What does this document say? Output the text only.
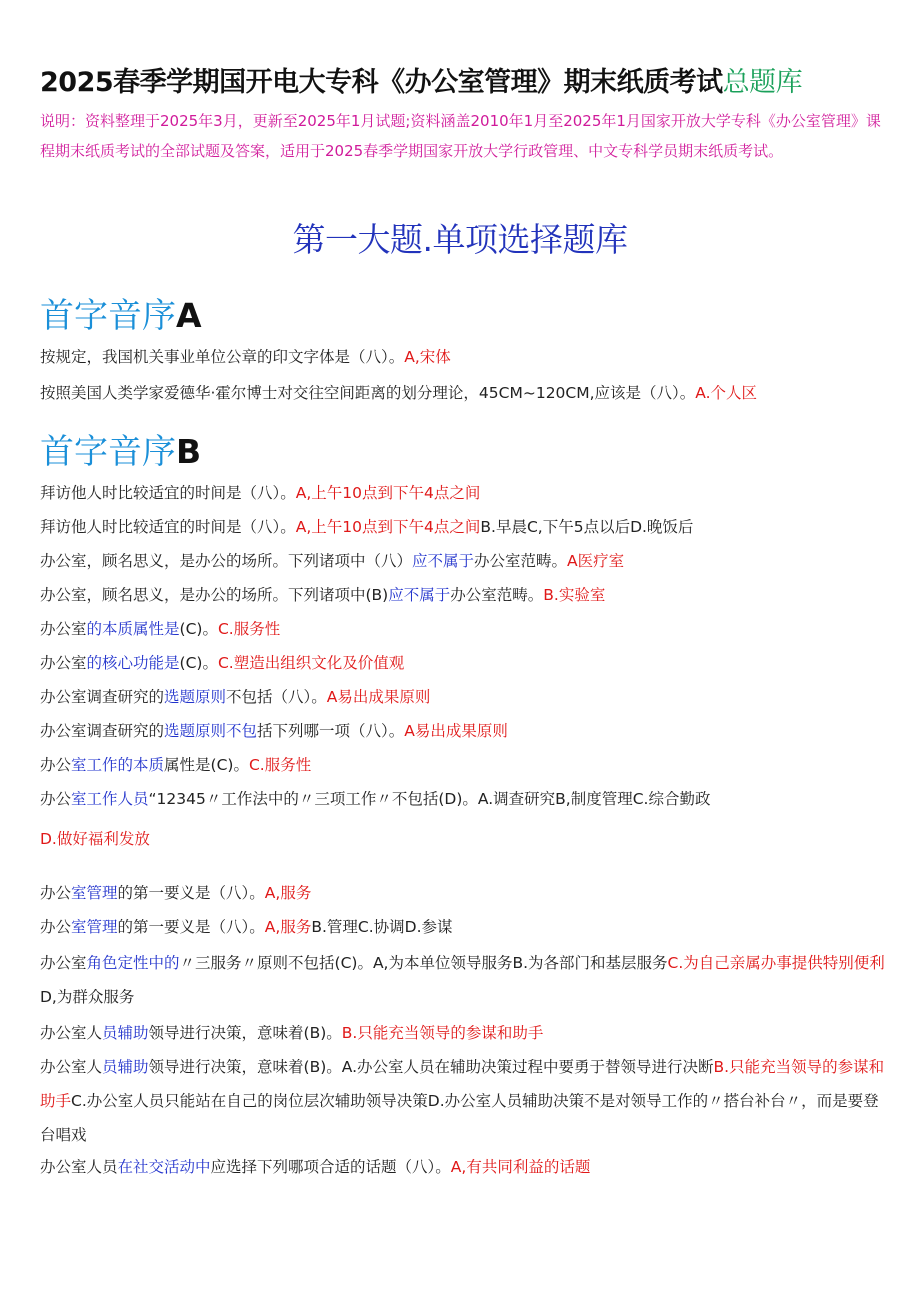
2025春季学期国开电大专科《办公室管理》期末纸质考试总题库
说明：资料整理于2025年3月，更新至2025年1月试题;资料涵盖2010年1月至2025年1月国家开放大学专科《办公室管理》课程期末纸质考试的全部试题及答案，适用于2025春季学期国家开放大学行政管理、中文专科学员期末纸质考试。
第一大题.单项选择题库
首字音序A
按规定，我国机关事业单位公章的印文字体是（八）。A,宋体
按照美国人类学家爱德华·霍尔博士对交往空间距离的划分理论，45CM~120CM,应该是（八）。A.个人区
首字音序B
拜访他人时比较适宜的时间是（八）。A,上午10点到下午4点之间
拜访他人时比较适宜的时间是（八）。A,上午10点到下午4点之间B.早晨C,下午5点以后D.晚饭后
办公室，顾名思义，是办公的场所。下列诸项中（八）应不属于办公室范畴。A医疗室
办公室，顾名思义，是办公的场所。下列诸项中(B)应不属于办公室范畴。B.实验室
办公室的本质属性是(C)。C.服务性
办公室的核心功能是(C)。C.塑造出组织文化及价值观
办公室调查研究的选题原则不包括（八）。A易出成果原则
办公室调查研究的选题原则不包括下列哪一项（八）。A易出成果原则
办公室工作的本质属性是(C)。C.服务性
办公室工作人员“12345〃工作法中的〃三项工作〃不包括(D)。A.调查研究B,制度管理C.综合勤政
D.做好福利发放
办公室管理的第一要义是（八）。A,服务
办公室管理的第一要义是（八）。A,服务B.管理C.协调D.参谋
办公室角色定性中的〃三服务〃原则不包括(C)。A,为本单位领导服务B.为各部门和基层服务C.为自己亲属办事提供特别便利D,为群众服务
办公室人员辅助领导进行决策，意味着(B)。B.只能充当领导的参谋和助手
办公室人员辅助领导进行决策，意味着(B)。A.办公室人员在辅助决策过程中要勇于替领导进行决断B.只能充当领导的参谋和助手C.办公室人员只能站在自己的岗位层次辅助领导决策D.办公室人员辅助决策不是对领导工作的〃搭台补台〃，而是要登台唱戏
办公室人员在社交活动中应选择下列哪项合适的话题（八）。A,有共同利益的话题
